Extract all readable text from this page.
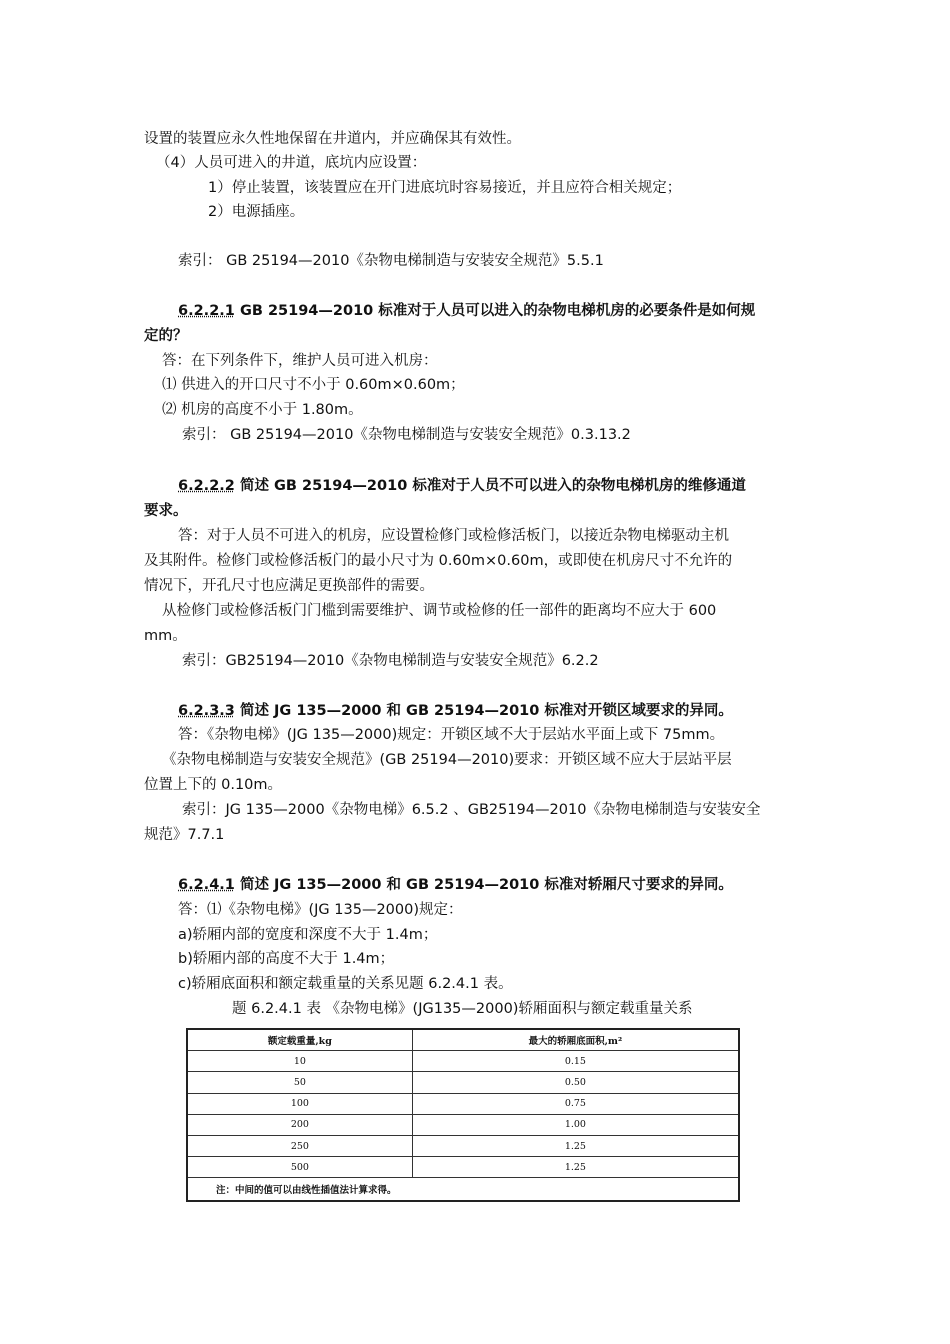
设置的装置应永久性地保留在井道内，并应确保其有效性。
（4）人员可进入的井道，底坑内应设置：
1）停止装置，该装置应在开门进底坑时容易接近，并且应符合相关规定；
2）电源插座。
索引： GB 25194—2010《杂物电梯制造与安装安全规范》5.5.1
6.2.2.1 GB 25194—2010 标准对于人员可以进入的杂物电梯机房的必要条件是如何规
定的？
答：在下列条件下，维护人员可进入机房：
⑴ 供进入的开口尺寸不小于 0.60m×0.60m；
⑵ 机房的高度不小于 1.80m。
索引： GB 25194—2010《杂物电梯制造与安装安全规范》0.3.13.2
6.2.2.2 简述 GB 25194—2010 标准对于人员不可以进入的杂物电梯机房的维修通道
要求。
答：对于人员不可进入的机房，应设置检修门或检修活板门，以接近杂物电梯驱动主机
及其附件。检修门或检修活板门的最小尺寸为 0.60m×0.60m，或即使在机房尺寸不允许的
情况下，开孔尺寸也应满足更换部件的需要。
从检修门或检修活板门门槛到需要维护、调节或检修的任一部件的距离均不应大于 600
mm。
索引：GB25194—2010《杂物电梯制造与安装安全规范》6.2.2
6.2.3.3 简述 JG 135—2000 和 GB 25194—2010 标准对开锁区域要求的异同。
答：《杂物电梯》(JG 135—2000)规定：开锁区域不大于层站水平面上或下 75mm。
《杂物电梯制造与安装安全规范》(GB 25194—2010)要求：开锁区域不应大于层站平层
位置上下的 0.10m。
索引：JG 135—2000《杂物电梯》6.5.2 、GB25194—2010《杂物电梯制造与安装安全
规范》7.7.1
6.2.4.1 简述 JG 135—2000 和 GB 25194—2010 标准对轿厢尺寸要求的异同。
答：⑴《杂物电梯》(JG 135—2000)规定：
a)轿厢内部的宽度和深度不大于 1.4m；
b)轿厢内部的高度不大于 1.4m；
c)轿厢底面积和额定载重量的关系见题 6.2.4.1 表。
题 6.2.4.1 表 《杂物电梯》(JG135—2000)轿厢面积与额定载重量关系
额定载重量,kg	最大的轿厢底面积,m²
10	0.15
50	0.50
100	0.75
200	1.00
250	1.25
500	1.25
注：中间的值可以由线性插值法计算求得。	
